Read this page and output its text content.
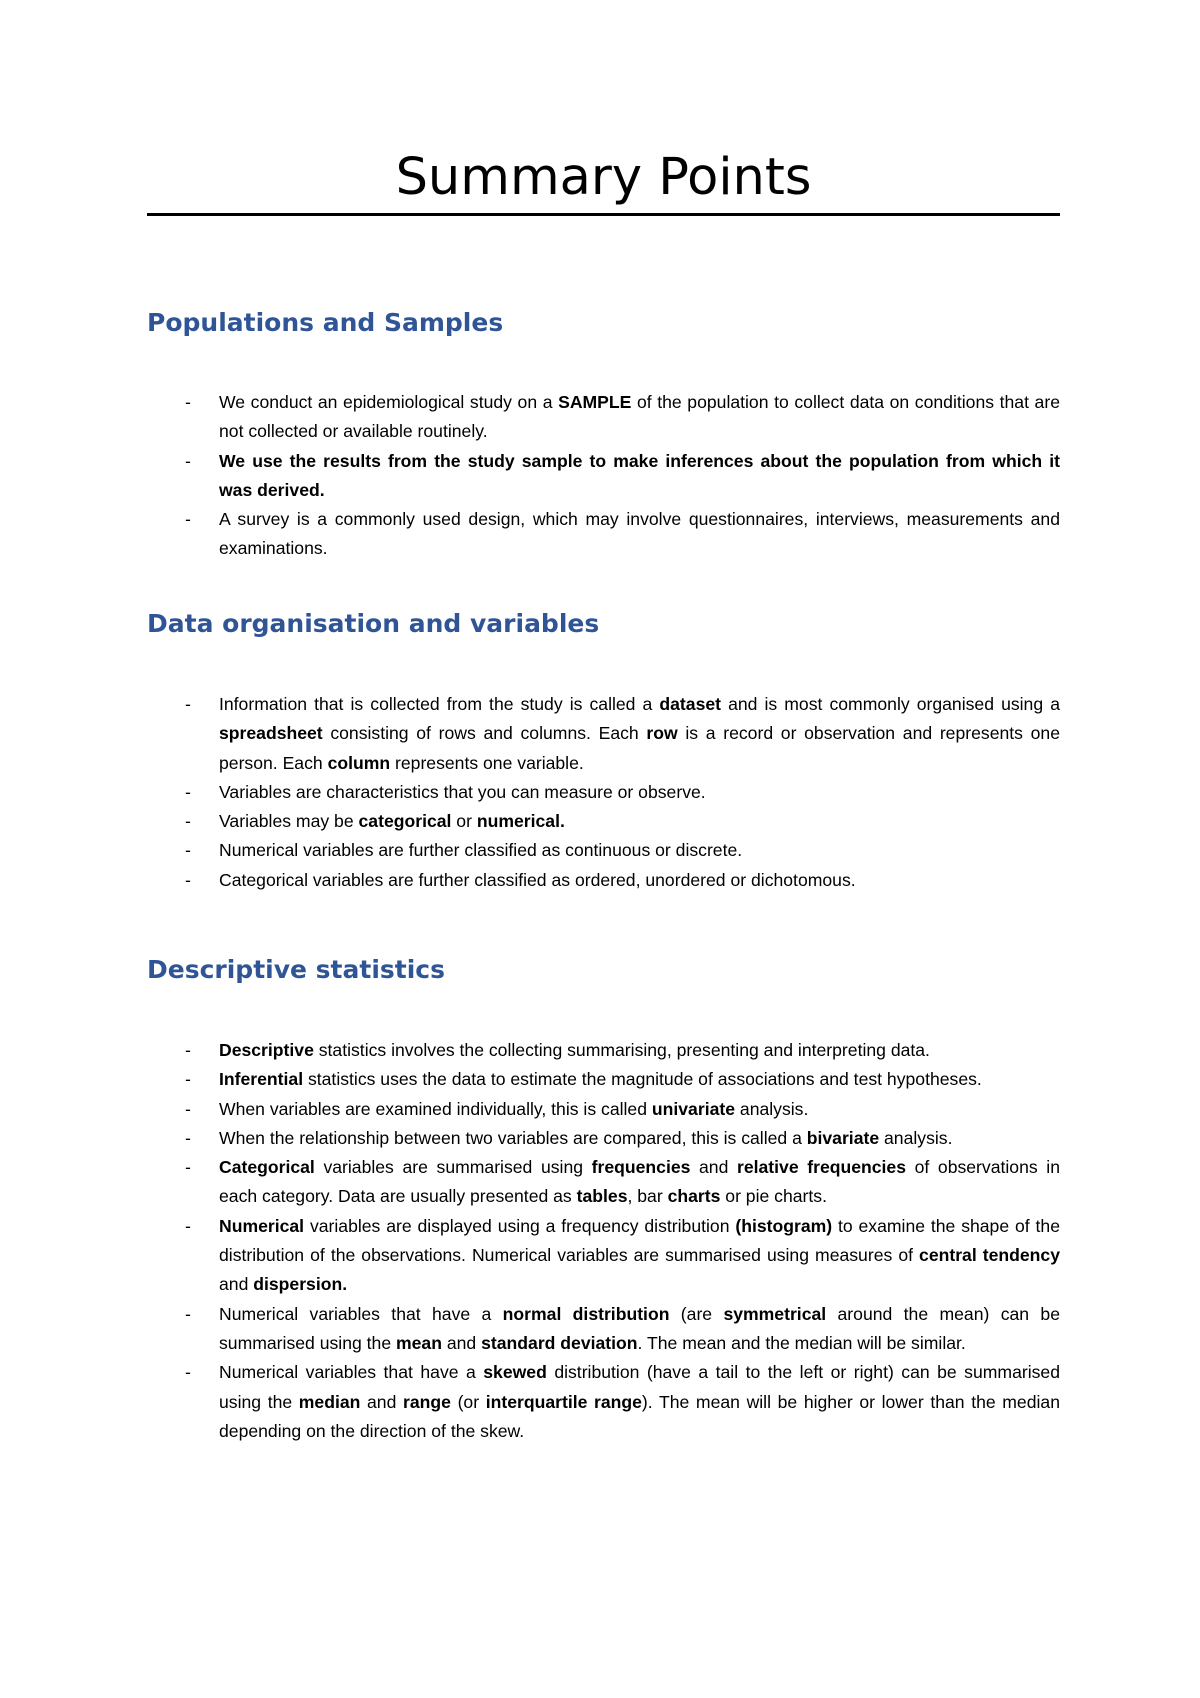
Summary Points
Populations and Samples
- We conduct an epidemiological study on a SAMPLE of the population to collect data on conditions that are not collected or available routinely.
- We use the results from the study sample to make inferences about the population from which it was derived.
- A survey is a commonly used design, which may involve questionnaires, interviews, measurements and examinations.
Data organisation and variables
- Information that is collected from the study is called a dataset and is most commonly organised using a spreadsheet consisting of rows and columns. Each row is a record or observation and represents one person. Each column represents one variable.
- Variables are characteristics that you can measure or observe.
- Variables may be categorical or numerical.
- Numerical variables are further classified as continuous or discrete.
- Categorical variables are further classified as ordered, unordered or dichotomous.
Descriptive statistics
- Descriptive statistics involves the collecting summarising, presenting and interpreting data.
- Inferential statistics uses the data to estimate the magnitude of associations and test hypotheses.
- When variables are examined individually, this is called univariate analysis.
- When the relationship between two variables are compared, this is called a bivariate analysis.
- Categorical variables are summarised using frequencies and relative frequencies of observations in each category. Data are usually presented as tables, bar charts or pie charts.
- Numerical variables are displayed using a frequency distribution (histogram) to examine the shape of the distribution of the observations. Numerical variables are summarised using measures of central tendency and dispersion.
- Numerical variables that have a normal distribution (are symmetrical around the mean) can be summarised using the mean and standard deviation. The mean and the median will be similar.
- Numerical variables that have a skewed distribution (have a tail to the left or right) can be summarised using the median and range (or interquartile range). The mean will be higher or lower than the median depending on the direction of the skew.
